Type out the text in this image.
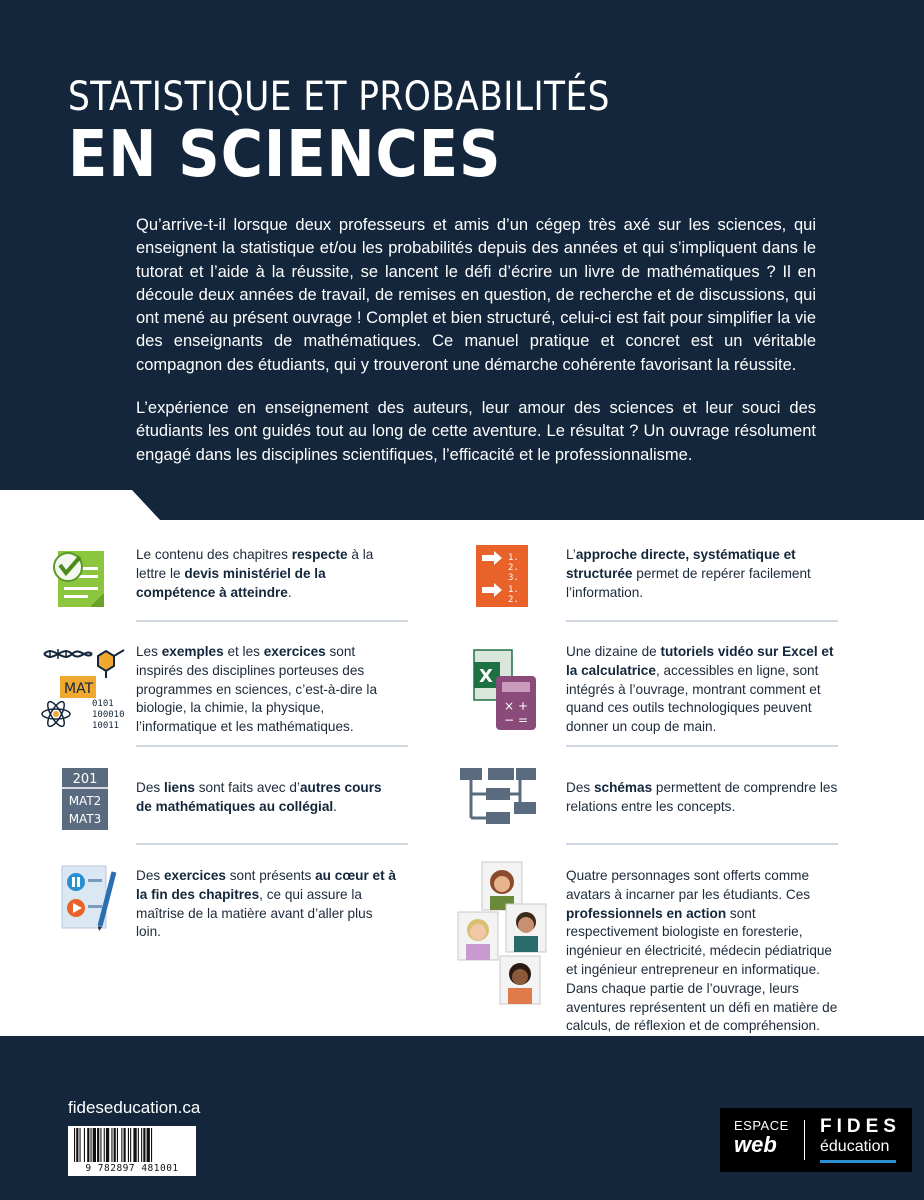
STATISTIQUE ET PROBABILITÉS
EN SCIENCES

Qu’arrive-t-il lorsque deux professeurs et amis d’un cégep très axé sur les sciences, qui enseignent la statistique et/ou les probabilités depuis des années et qui s’impliquent dans le tutorat et l’aide à la réussite, se lancent le défi d’écrire un livre de mathématiques ? Il en découle deux années de travail, de remises en question, de recherche et de discussions, qui ont mené au présent ouvrage ! Complet et bien structuré, celui-ci est fait pour simplifier la vie des enseignants de mathématiques. Ce manuel pratique et concret est un véritable compagnon des étudiants, qui y trouveront une démarche cohérente favorisant la réussite.

L’expérience en enseignement des auteurs, leur amour des sciences et leur souci des étudiants les ont guidés tout au long de cette aventure. Le résultat ? Un ouvrage résolument engagé dans les disciplines scientifiques, l’efficacité et le professionnalisme.

Le contenu des chapitres respecte à la lettre le devis ministériel de la compétence à atteindre.
1.
2.
3.
1.
2.
L’approche directe, systématique et structurée permet de repérer facilement l’information.
MAT
0101
100010
10011
Les exemples et les exercices sont inspirés des disciplines porteuses des programmes en sciences, c’est-à-dire la biologie, la chimie, la physique, l’informatique et les mathématiques.
X
× +
− =
Une dizaine de tutoriels vidéo sur Excel et la calculatrice, accessibles en ligne, sont intégrés à l’ouvrage, montrant comment et quand ces outils technologiques peuvent donner un coup de main.
201
MAT2
MAT3
Des liens sont faits avec d’autres cours de mathématiques au collégial.
Des schémas permettent de comprendre les relations entre les concepts.
Des exercices sont présents au cœur et à la fin des chapitres, ce qui assure la maîtrise de la matière avant d’aller plus loin.
Quatre personnages sont offerts comme avatars à incarner par les étudiants. Ces professionnels en action sont respectivement biologiste en foresterie, ingénieur en électricité, médecin pédiatrique et ingénieur entrepreneur en informatique. Dans chaque partie de l’ouvrage, leurs aventures représentent un défi en matière de calculs, de réflexion et de compréhension.
fideseducation.ca
9 782897 481001
ESPACE
web
FIDES
éducation
